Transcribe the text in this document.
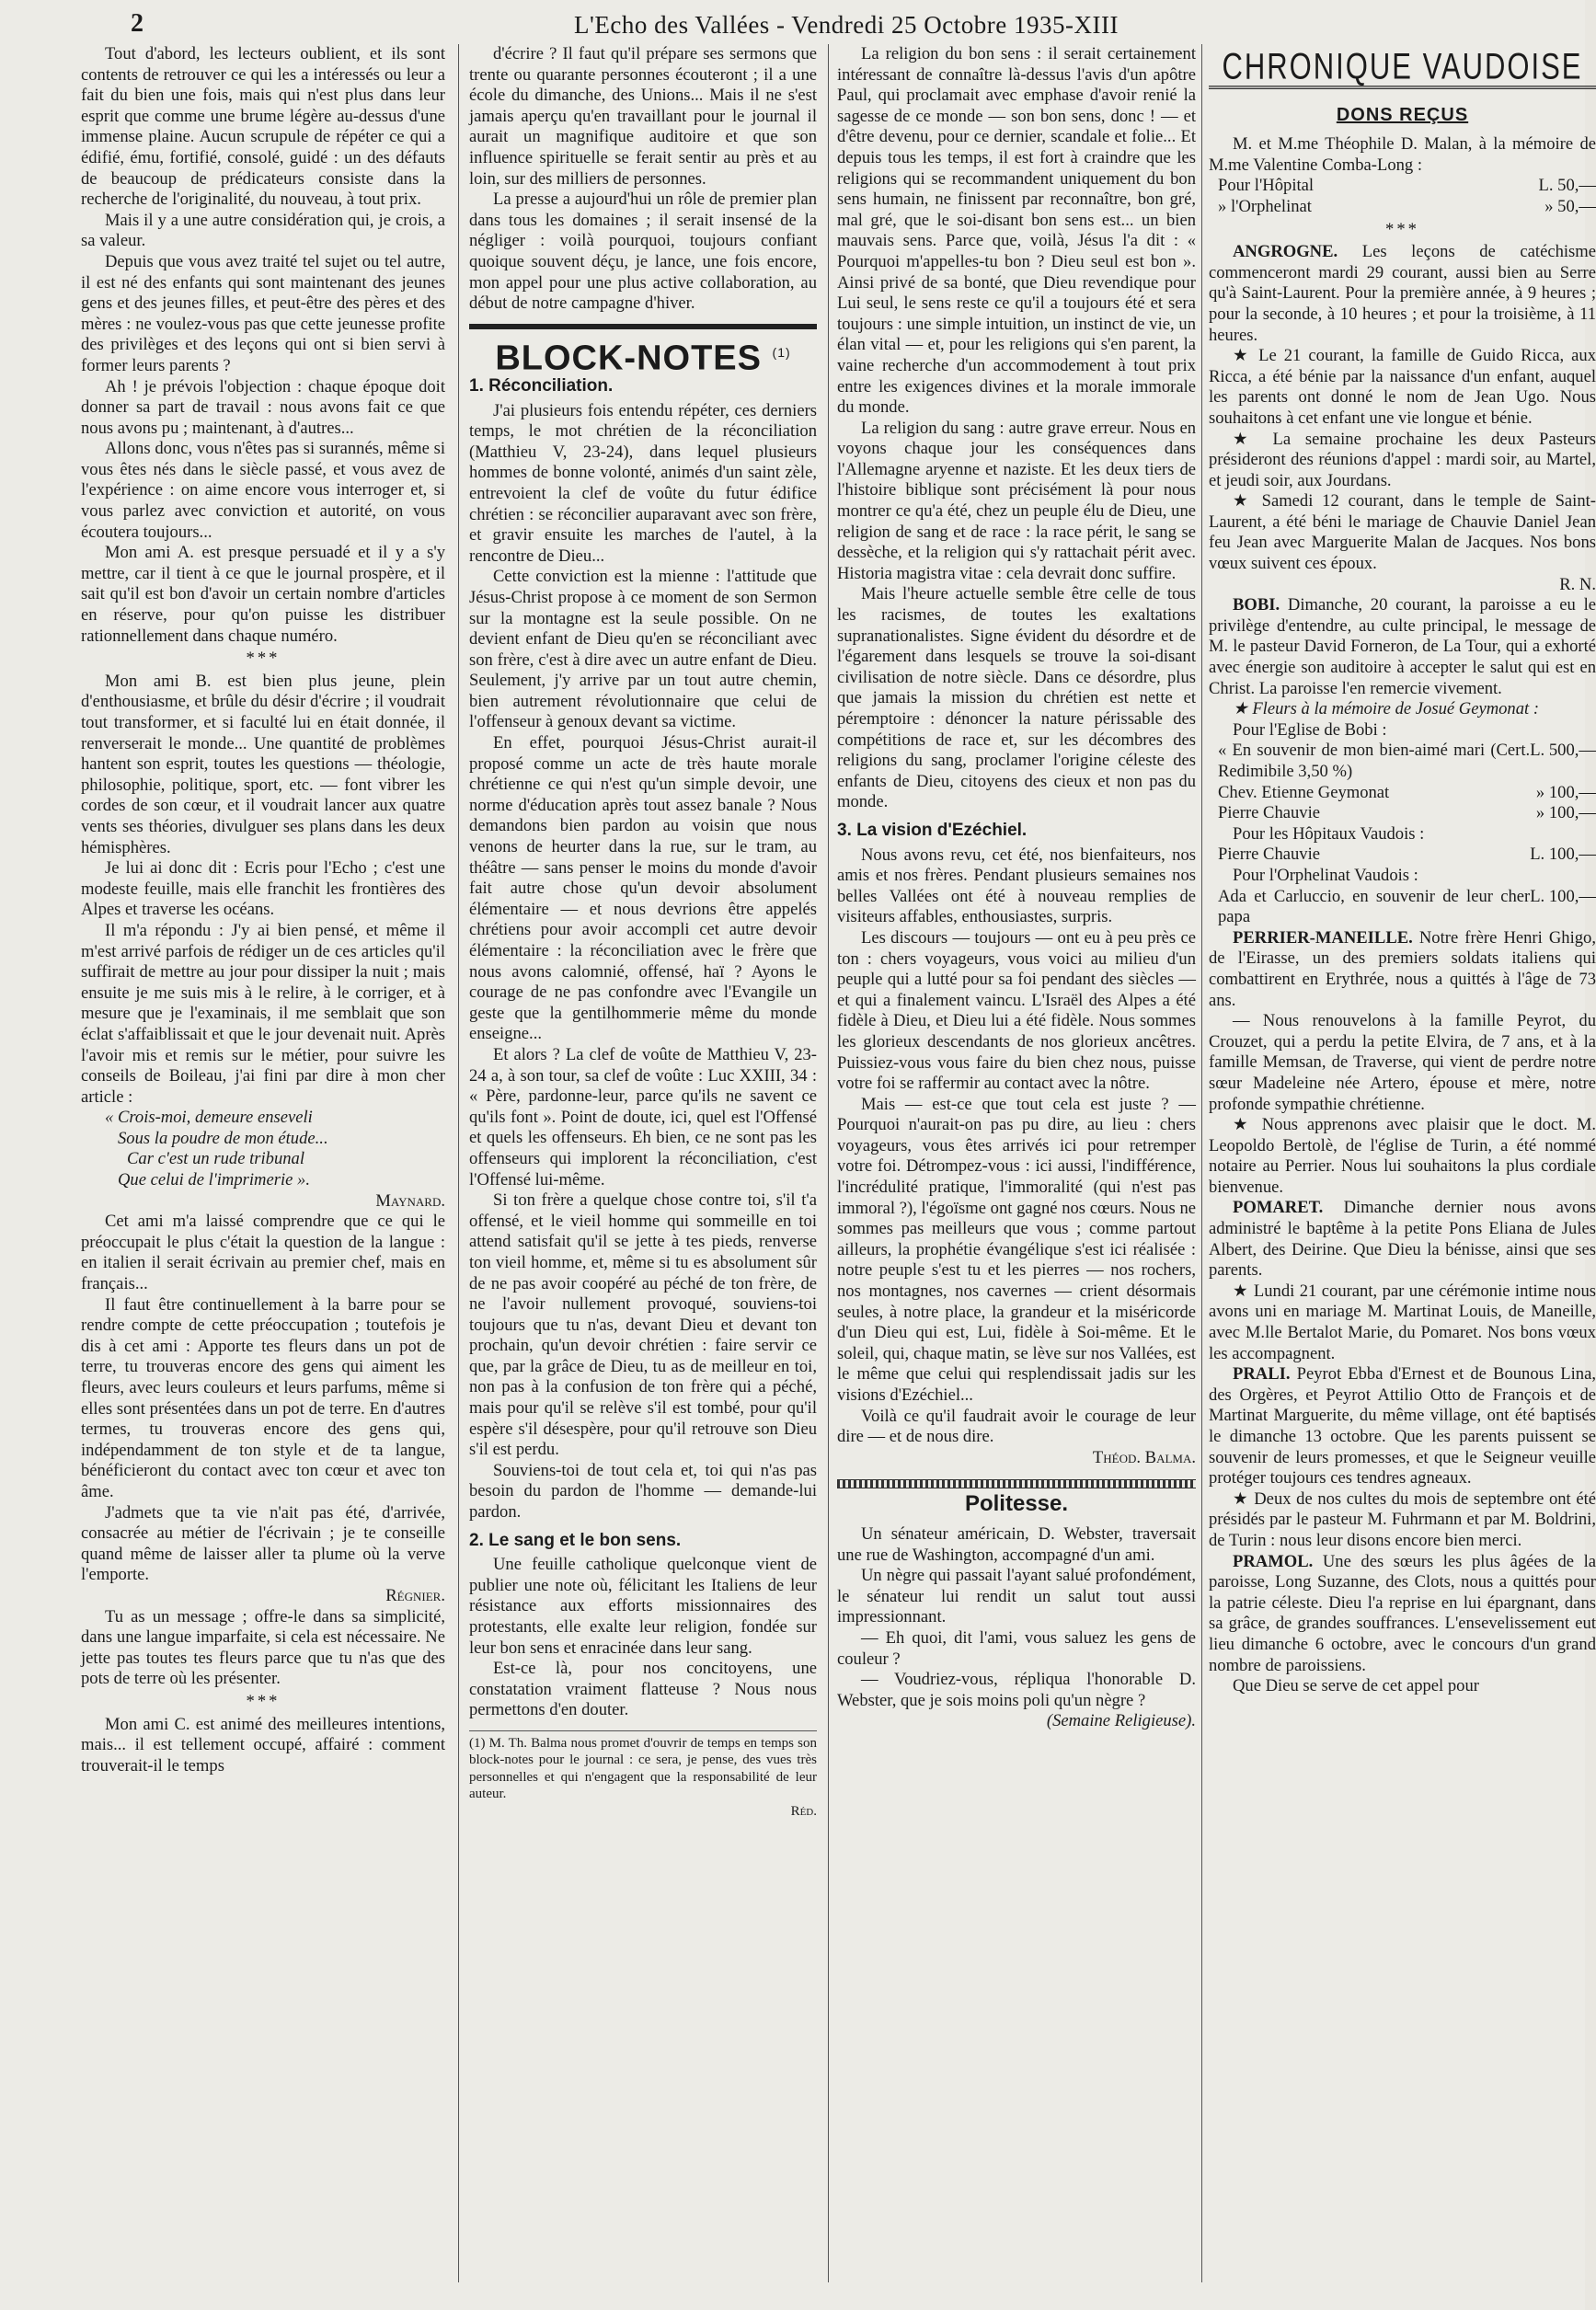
2	L'Echo des Vallées - Vendredi 25 Octobre 1935-XIII

Tout d'abord, les lecteurs oublient, et ils sont contents de retrouver ce qui les a intéressés ou leur a fait du bien une fois, mais qui n'est plus dans leur esprit que comme une brume légère au-dessus d'une immense plaine. Aucun scrupule de répéter ce qui a édifié, ému, fortifié, consolé, guidé : un des défauts de beaucoup de prédicateurs consiste dans la recherche de l'originalité, du nouveau, à tout prix.

Mais il y a une autre considération qui, je crois, a sa valeur.

Depuis que vous avez traité tel sujet ou tel autre, il est né des enfants qui sont maintenant des jeunes gens et des jeunes filles, et peut-être des pères et des mères : ne voulez-vous pas que cette jeunesse profite des privilèges et des leçons qui ont si bien servi à former leurs parents ?

Ah ! je prévois l'objection : chaque époque doit donner sa part de travail : nous avons fait ce que nous avons pu ; maintenant, à d'autres...

Allons donc, vous n'êtes pas si surannés, même si vous êtes nés dans le siècle passé, et vous avez de l'expérience : on aime encore vous interroger et, si vous parlez avec conviction et autorité, on vous écoutera toujours...

Mon ami A. est presque persuadé et il y a s'y mettre, car il tient à ce que le journal prospère, et il sait qu'il est bon d'avoir un certain nombre d'articles en réserve, pour qu'on puisse les distribuer rationnellement dans chaque numéro.

***

Mon ami B. est bien plus jeune, plein d'enthousiasme, et brûle du désir d'écrire ; il voudrait tout transformer, et si faculté lui en était donnée, il renverserait le monde... Une quantité de problèmes hantent son esprit, toutes les questions — théologie, philosophie, politique, sport, etc. — font vibrer les cordes de son cœur, et il voudrait lancer aux quatre vents ses théories, divulguer ses plans dans les deux hémisphères.

Je lui ai donc dit : Ecris pour l'Echo ; c'est une modeste feuille, mais elle franchit les frontières des Alpes et traverse les océans.

Il m'a répondu : J'y ai bien pensé, et même il m'est arrivé parfois de rédiger un de ces articles qu'il suffirait de mettre au jour pour dissiper la nuit ; mais ensuite je me suis mis à le relire, à le corriger, et à mesure que je l'examinais, il me semblait que son éclat s'affaiblissait et que le jour devenait nuit. Après l'avoir mis et remis sur le métier, pour suivre les conseils de Boileau, j'ai fini par dire à mon cher article :

« Crois-moi, demeure enseveli

Sous la poudre de mon étude...

Car c'est un rude tribunal

Que celui de l'imprimerie ».

Maynard.

Cet ami m'a laissé comprendre que ce qui le préoccupait le plus c'était la question de la langue : en italien il serait écrivain au premier chef, mais en français...

Il faut être continuellement à la barre pour se rendre compte de cette préoccupation ; toutefois je dis à cet ami : Apporte tes fleurs dans un pot de terre, tu trouveras encore des gens qui aiment les fleurs, avec leurs couleurs et leurs parfums, même si elles sont présentées dans un pot de terre. En d'autres termes, tu trouveras encore des gens qui, indépendamment de ton style et de ta langue, bénéficieront du contact avec ton cœur et avec ton âme.

J'admets que ta vie n'ait pas été, d'arrivée, consacrée au métier de l'écrivain ; je te conseille quand même de laisser aller ta plume où la verve l'emporte.

Régnier.

Tu as un message ; offre-le dans sa simplicité, dans une langue imparfaite, si cela est nécessaire. Ne jette pas toutes tes fleurs parce que tu n'as que des pots de terre où les présenter.

***

Mon ami C. est animé des meilleures intentions, mais... il est tellement occupé, affairé : comment trouverait-il le temps

d'écrire ? Il faut qu'il prépare ses sermons que trente ou quarante personnes écouteront ; il a une école du dimanche, des Unions... Mais il ne s'est jamais aperçu qu'en travaillant pour le journal il aurait un magnifique auditoire et que son influence spirituelle se ferait sentir au près et au loin, sur des milliers de personnes.

La presse a aujourd'hui un rôle de premier plan dans tous les domaines ; il serait insensé de la négliger : voilà pourquoi, toujours confiant quoique souvent déçu, je lance, une fois encore, mon appel pour une plus active collaboration, au début de notre campagne d'hiver.

BLOCK-NOTES $^{(1)}$
1. Réconciliation.

J'ai plusieurs fois entendu répéter, ces derniers temps, le mot chrétien de la réconciliation (Matthieu V, 23-24), dans lequel plusieurs hommes de bonne volonté, animés d'un saint zèle, entrevoient la clef de voûte du futur édifice chrétien : se réconcilier auparavant avec son frère, et gravir ensuite les marches de l'autel, à la rencontre de Dieu...

Cette conviction est la mienne : l'attitude que Jésus-Christ propose à ce moment de son Sermon sur la montagne est la seule possible. On ne devient enfant de Dieu qu'en se réconciliant avec son frère, c'est à dire avec un autre enfant de Dieu. Seulement, j'y arrive par un tout autre chemin, bien autrement révolutionnaire que celui de l'offenseur à genoux devant sa victime.

En effet, pourquoi Jésus-Christ aurait-il proposé comme un acte de très haute morale chrétienne ce qui n'est qu'un simple devoir, une norme d'éducation après tout assez banale ? Nous demandons bien pardon au voisin que nous venons de heurter dans la rue, sur le tram, au théâtre — sans penser le moins du monde d'avoir fait autre chose qu'un devoir absolument élémentaire — et nous devrions être appelés chrétiens pour avoir accompli cet autre devoir élémentaire : la réconciliation avec le frère que nous avons calomnié, offensé, haï ? Ayons le courage de ne pas confondre avec l'Evangile un geste que la gentilhommerie même du monde enseigne...

Et alors ? La clef de voûte de Matthieu V, 23-24 a, à son tour, sa clef de voûte : Luc XXIII, 34 : « Père, pardonne-leur, parce qu'ils ne savent ce qu'ils font ». Point de doute, ici, quel est l'Offensé et quels les offenseurs. Eh bien, ce ne sont pas les offenseurs qui implorent la réconciliation, c'est l'Offensé lui-même.

Si ton frère a quelque chose contre toi, s'il t'a offensé, et le vieil homme qui sommeille en toi attend satisfait qu'il se jette à tes pieds, renverse ton vieil homme, et, même si tu es absolument sûr de ne pas avoir coopéré au péché de ton frère, de ne l'avoir nullement provoqué, souviens-toi toujours que tu n'as, devant Dieu et devant ton prochain, qu'un devoir chrétien : faire servir ce que, par la grâce de Dieu, tu as de meilleur en toi, non pas à la confusion de ton frère qui a péché, mais pour qu'il se relève s'il est tombé, pour qu'il espère s'il désespère, pour qu'il retrouve son Dieu s'il est perdu.

Souviens-toi de tout cela et, toi qui n'as pas besoin du pardon de l'homme — demande-lui pardon.

2. Le sang et le bon sens.

Une feuille catholique quelconque vient de publier une note où, félicitant les Italiens de leur résistance aux efforts missionnaires des protestants, elle exalte leur religion, fondée sur leur bon sens et enracinée dans leur sang.

Est-ce là, pour nos concitoyens, une constatation vraiment flatteuse ? Nous nous permettons d'en douter.

(1) M. Th. Balma nous promet d'ouvrir de temps en temps son block-notes pour le journal : ce sera, je pense, des vues très personnelles et qui n'engagent que la responsabilité de leur auteur.
Réd.

La religion du bon sens : il serait certainement intéressant de connaître là-dessus l'avis d'un apôtre Paul, qui proclamait avec emphase d'avoir renié la sagesse de ce monde — son bon sens, donc ! — et d'être devenu, pour ce dernier, scandale et folie... Et depuis tous les temps, il est fort à craindre que les religions qui se recommandent uniquement du bon sens humain, ne finissent par reconnaître, bon gré, mal gré, que le soi-disant bon sens est... un bien mauvais sens. Parce que, voilà, Jésus l'a dit : « Pourquoi m'appelles-tu bon ? Dieu seul est bon ». Ainsi privé de sa bonté, que Dieu revendique pour Lui seul, le sens reste ce qu'il a toujours été et sera toujours : une simple intuition, un instinct de vie, un élan vital — et, pour les religions qui s'en parent, la vaine recherche d'un accommodement à tout prix entre les exigences divines et la morale immorale du monde.

La religion du sang : autre grave erreur. Nous en voyons chaque jour les conséquences dans l'Allemagne aryenne et naziste. Et les deux tiers de l'histoire biblique sont précisément là pour nous montrer ce qu'a été, chez un peuple élu de Dieu, une religion de sang et de race : la race périt, le sang se dessèche, et la religion qui s'y rattachait périt avec. Historia magistra vitae : cela devrait donc suffire.

Mais l'heure actuelle semble être celle de tous les racismes, de toutes les exaltations supranationalistes. Signe évident du désordre et de l'égarement dans lesquels se trouve la soi-disant civilisation de notre siècle. Dans ce désordre, plus que jamais la mission du chrétien est nette et péremptoire : dénoncer la nature périssable des compétitions de race et, sur les décombres des religions du sang, proclamer l'origine céleste des enfants de Dieu, citoyens des cieux et non pas du monde.

3. La vision d'Ezéchiel.

Nous avons revu, cet été, nos bienfaiteurs, nos amis et nos frères. Pendant plusieurs semaines nos belles Vallées ont été à nouveau remplies de visiteurs affables, enthousiastes, surpris.

Les discours — toujours — ont eu à peu près ce ton : chers voyageurs, vous voici au milieu d'un peuple qui a lutté pour sa foi pendant des siècles — et qui a finalement vaincu. L'Israël des Alpes a été fidèle à Dieu, et Dieu lui a été fidèle. Nous sommes les glorieux descendants de nos glorieux ancêtres. Puissiez-vous vous faire du bien chez nous, puisse votre foi se raffermir au contact avec la nôtre.

Mais — est-ce que tout cela est juste ? — Pourquoi n'aurait-on pas pu dire, au lieu : chers voyageurs, vous êtes arrivés ici pour retremper votre foi. Détrompez-vous : ici aussi, l'indifférence, l'incrédulité pratique, l'immoralité (qui n'est pas immoral ?), l'égoïsme ont gagné nos cœurs. Nous ne sommes pas meilleurs que vous ; comme partout ailleurs, la prophétie évangélique s'est ici réalisée : notre peuple s'est tu et les pierres — nos rochers, nos montagnes, nos cavernes — crient désormais seules, à notre place, la grandeur et la miséricorde d'un Dieu qui est, Lui, fidèle à Soi-même. Et le soleil, qui, chaque matin, se lève sur nos Vallées, est le même que celui qui resplendissait jadis sur les visions d'Ezéchiel...

Voilà ce qu'il faudrait avoir le courage de leur dire — et de nous dire.

Théod. Balma.

Politesse.

Un sénateur américain, D. Webster, traversait une rue de Washington, accompagné d'un ami.

Un nègre qui passait l'ayant salué profondément, le sénateur lui rendit un salut tout aussi impressionnant.

— Eh quoi, dit l'ami, vous saluez les gens de couleur ?

— Voudriez-vous, répliqua l'honorable D. Webster, que je sois moins poli qu'un nègre ?

(Semaine Religieuse).

CHRONIQUE VAUDOISE
DONS REÇUS

M. et M.me Théophile D. Malan, à la mémoire de M.me Valentine Comba-Long :

Pour l'Hôpital	L. 50,—
» l'Orphelinat	» 50,—

***

ANGROGNE. Les leçons de catéchisme commenceront mardi 29 courant, aussi bien au Serre qu'à Saint-Laurent. Pour la première année, à 9 heures ; pour la seconde, à 10 heures ; et pour la troisième, à 11 heures.

★ Le 21 courant, la famille de Guido Ricca, aux Ricca, a été bénie par la naissance d'un enfant, auquel les parents ont donné le nom de Jean Ugo. Nous souhaitons à cet enfant une vie longue et bénie.

★ La semaine prochaine les deux Pasteurs présideront des réunions d'appel : mardi soir, au Martel, et jeudi soir, aux Jourdans.

★ Samedi 12 courant, dans le temple de Saint-Laurent, a été béni le mariage de Chauvie Daniel Jean feu Jean avec Marguerite Malan de Jacques. Nos bons vœux suivent ces époux.

R. N.

BOBI. Dimanche, 20 courant, la paroisse a eu le privilège d'entendre, au culte principal, le message de M. le pasteur David Forneron, de La Tour, qui a exhorté avec énergie son auditoire à accepter le salut qui est en Christ. La paroisse l'en remercie vivement.

★ Fleurs à la mémoire de Josué Geymonat :

Pour l'Eglise de Bobi :

« En souvenir de mon bien-aimé mari (Cert. Redimibile 3,50 %)
L. 500,—
Chev. Etienne Geymonat	» 100,—
Pierre Chauvie	» 100,—

Pour les Hôpitaux Vaudois :

Pierre Chauvie	L. 100,—

Pour l'Orphelinat Vaudois :

Ada et Carluccio, en souvenir de leur cher papa
L. 100,—

PERRIER-MANEILLE. Notre frère Henri Ghigo, de l'Eirasse, un des premiers soldats italiens qui combattirent en Erythrée, nous a quittés à l'âge de 73 ans.

— Nous renouvelons à la famille Peyrot, du Crouzet, qui a perdu la petite Elvira, de 7 ans, et à la famille Memsan, de Traverse, qui vient de perdre notre sœur Madeleine née Artero, épouse et mère, notre profonde sympathie chrétienne.

★ Nous apprenons avec plaisir que le doct. M. Leopoldo Bertolè, de l'église de Turin, a été nommé notaire au Perrier. Nous lui souhaitons la plus cordiale bienvenue.

POMARET. Dimanche dernier nous avons administré le baptême à la petite Pons Eliana de Jules Albert, des Deirine. Que Dieu la bénisse, ainsi que ses parents.

★ Lundi 21 courant, par une cérémonie intime nous avons uni en mariage M. Martinat Louis, de Maneille, avec M.lle Bertalot Marie, du Pomaret. Nos bons vœux les accompagnent.

PRALI. Peyrot Ebba d'Ernest et de Bounous Lina, des Orgères, et Peyrot Attilio Otto de François et de Martinat Marguerite, du même village, ont été baptisés le dimanche 13 octobre. Que les parents puissent se souvenir de leurs promesses, et que le Seigneur veuille protéger toujours ces tendres agneaux.

★ Deux de nos cultes du mois de septembre ont été présidés par le pasteur M. Fuhrmann et par M. Boldrini, de Turin : nous leur disons encore bien merci.

PRAMOL. Une des sœurs les plus âgées de la paroisse, Long Suzanne, des Clots, nous a quittés pour la patrie céleste. Dieu l'a reprise en lui épargnant, dans sa grâce, de grandes souffrances. L'ensevelissement eut lieu dimanche 6 octobre, avec le concours d'un grand nombre de paroissiens.

Que Dieu se serve de cet appel pour
